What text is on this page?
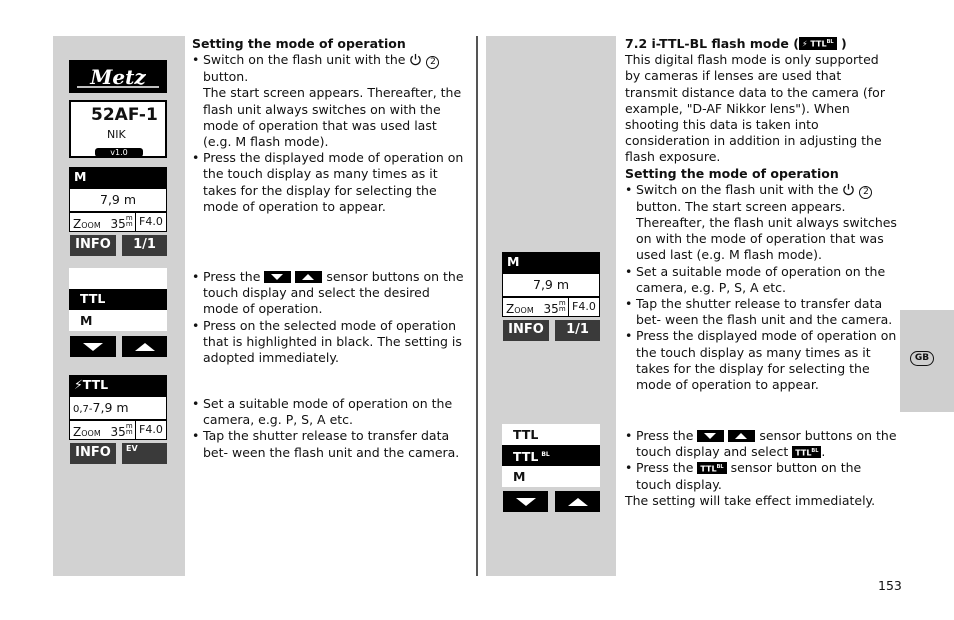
GB
Metz
52AF-1
NIK
v1.0
M
7,9 m
Zoom 35m
m F4.0
INFO	1/1
TTL
M
⚡TTL
0,7-7,9 m
Zoom 35m
m F4.0
INFO	EV

Setting the mode of operation

• Switch on the flash unit with the	2
button.
The start screen appears. Thereafter, the flash unit always switches on with the mode of operation that was used last (e.g. M flash mode).

• Press the displayed mode of operation on the touch display as many times as it takes for the display for selecting the mode of operation to appear.

• Press the	sensor buttons on the touch display and select the desired mode of operation.

• Press on the selected mode of operation that is highlighted in black. The setting is adopted immediately.

• Set a suitable mode of operation on the camera, e.g. P, S, A etc.

• Tap the shutter release to transfer data bet- ween the flash unit and the camera.

M
7,9 m
Zoom 35m
m F4.0
INFO	1/1
TTL
TTL $^{BL}$
M

7.2 i-TTL-BL flash mode ( ⚡ $TTL^{BL}$ )

This digital flash mode is only supported by cameras if lenses are used that transmit distance data to the camera (for example, "D-AF Nikkor lens"). When shooting this data is taken into consideration in addition in adjusting the flash exposure.

Setting the mode of operation

• Switch on the flash unit with the	2 button. The start screen appears. Thereafter, the flash unit always switches on with the mode of operation that was used last (e.g. M flash mode).

• Set a suitable mode of operation on the camera, e.g. P, S, A etc.

• Tap the shutter release to transfer data bet- ween the flash unit and the camera.

• Press the displayed mode of operation on the touch display as many times as it takes for the display for selecting the mode of operation to appear.

• Press the	sensor buttons on the touch display and select $TTL^{BL}$ .

• Press the $TTL^{BL}$ sensor button on the touch display.

The setting will take effect immediately.

153
